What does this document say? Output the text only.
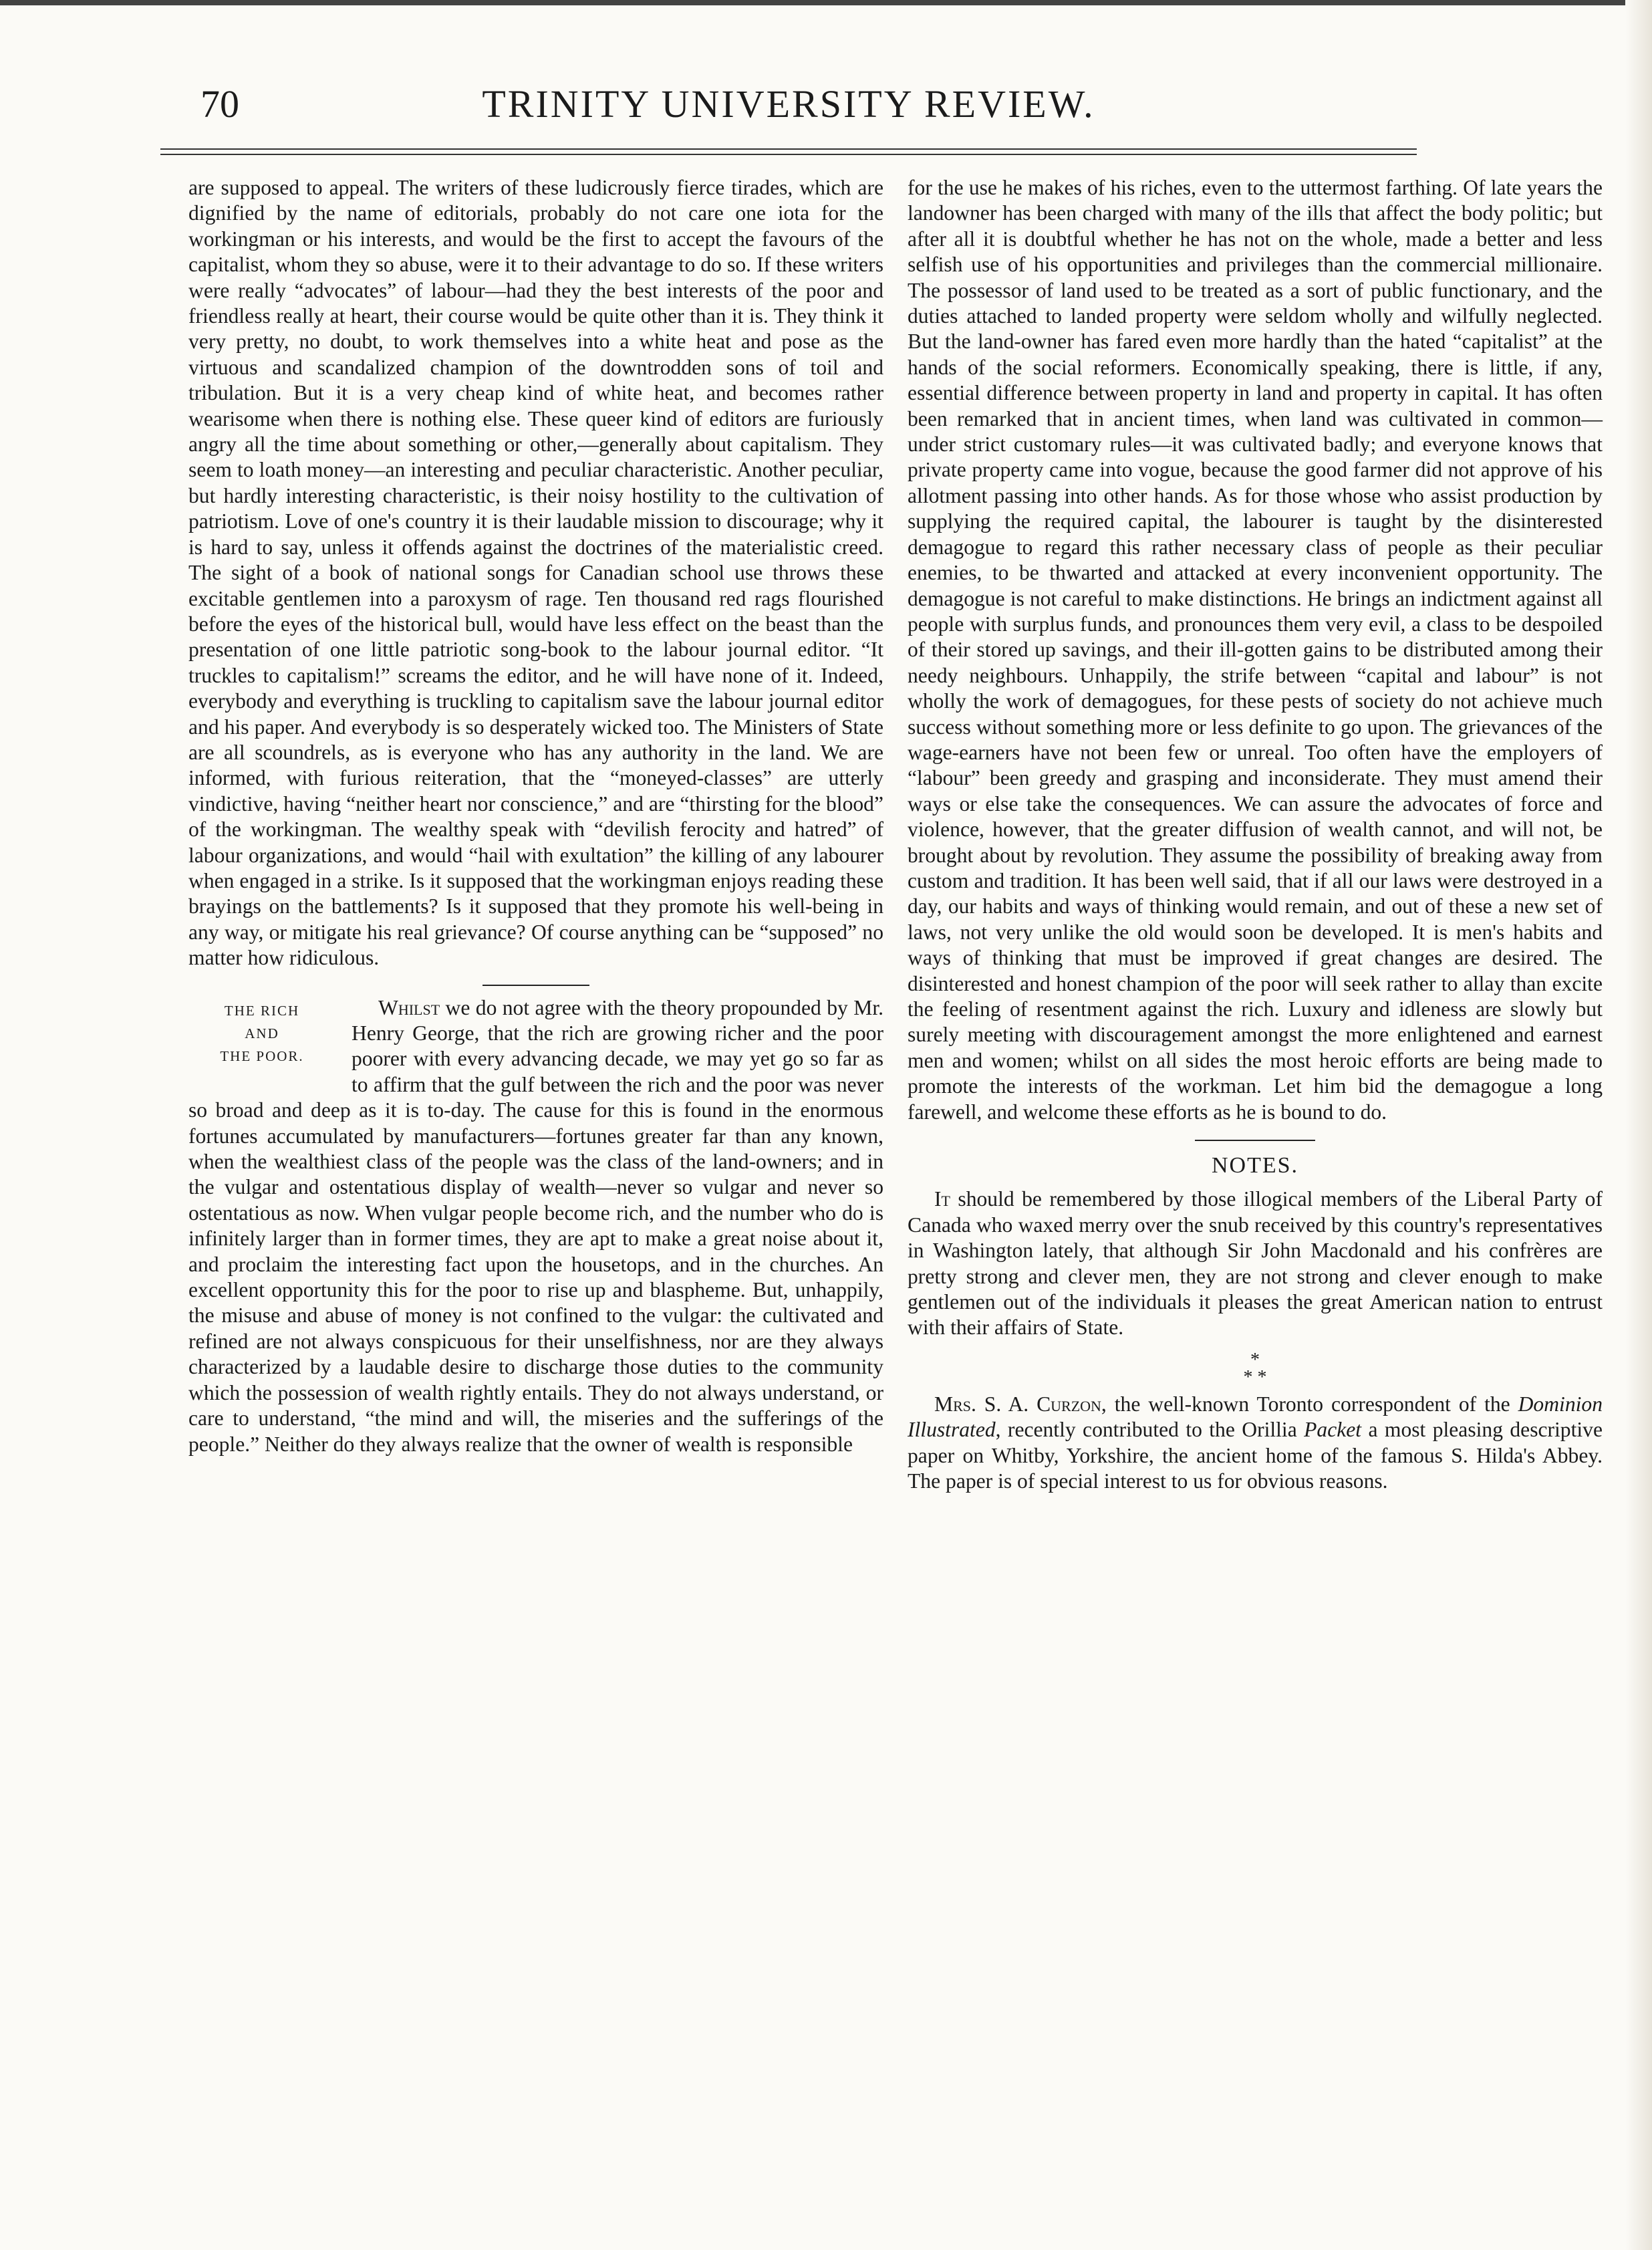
70	TRINITY UNIVERSITY REVIEW.

are supposed to appeal. The writers of these ludicrously fierce tirades, which are dignified by the name of editorials, probably do not care one iota for the workingman or his interests, and would be the first to accept the favours of the capitalist, whom they so abuse, were it to their advantage to do so. If these writers were really “advocates” of labour—had they the best interests of the poor and friendless really at heart, their course would be quite other than it is. They think it very pretty, no doubt, to work themselves into a white heat and pose as the virtuous and scandalized champion of the downtrodden sons of toil and tribulation. But it is a very cheap kind of white heat, and becomes rather wearisome when there is nothing else. These queer kind of editors are furiously angry all the time about something or other,—generally about capitalism. They seem to loath money—an interesting and peculiar characteristic. Another peculiar, but hardly interesting characteristic, is their noisy hostility to the cultivation of patriotism. Love of one's country it is their laudable mission to discourage; why it is hard to say, unless it offends against the doctrines of the materialistic creed. The sight of a book of national songs for Canadian school use throws these excitable gentlemen into a paroxysm of rage. Ten thousand red rags flourished before the eyes of the historical bull, would have less effect on the beast than the presentation of one little patriotic song-book to the labour journal editor. “It truckles to capitalism!” screams the editor, and he will have none of it. Indeed, everybody and everything is truckling to capitalism save the labour journal editor and his paper. And everybody is so desperately wicked too. The Ministers of State are all scoundrels, as is everyone who has any authority in the land. We are informed, with furious reiteration, that the “moneyed-classes” are utterly vindictive, having “neither heart nor conscience,” and are “thirsting for the blood” of the workingman. The wealthy speak with “devilish ferocity and hatred” of labour organizations, and would “hail with exultation” the killing of any labourer when engaged in a strike. Is it supposed that the workingman enjoys reading these brayings on the battlements? Is it supposed that they promote his well-being in any way, or mitigate his real grievance? Of course anything can be “supposed” no matter how ridiculous.

THE RICH
AND
THE POOR.

Whilst we do not agree with the theory propounded by Mr. Henry George, that the rich are growing richer and the poor poorer with every advancing decade, we may yet go so far as to affirm that the gulf between the rich and the poor was never so broad and deep as it is to-day. The cause for this is found in the enormous fortunes accumulated by manufacturers—fortunes greater far than any known, when the wealthiest class of the people was the class of the land-owners; and in the vulgar and ostentatious display of wealth—never so vulgar and never so ostentatious as now. When vulgar people become rich, and the number who do is infinitely larger than in former times, they are apt to make a great noise about it, and proclaim the interesting fact upon the housetops, and in the churches. An excellent opportunity this for the poor to rise up and blaspheme. But, unhappily, the misuse and abuse of money is not confined to the vulgar: the cultivated and refined are not always conspicuous for their unselfishness, nor are they always characterized by a laudable desire to discharge those duties to the community which the possession of wealth rightly entails. They do not always understand, or care to understand, “the mind and will, the miseries and the sufferings of the people.” Neither do they always realize that the owner of wealth is responsible

for the use he makes of his riches, even to the uttermost farthing. Of late years the landowner has been charged with many of the ills that affect the body politic; but after all it is doubtful whether he has not on the whole, made a better and less selfish use of his opportunities and privileges than the commercial millionaire. The possessor of land used to be treated as a sort of public functionary, and the duties attached to landed property were seldom wholly and wilfully neglected. But the land-owner has fared even more hardly than the hated “capitalist” at the hands of the social reformers. Economically speaking, there is little, if any, essential difference between property in land and property in capital. It has often been remarked that in ancient times, when land was cultivated in common—under strict customary rules—it was cultivated badly; and everyone knows that private property came into vogue, because the good farmer did not approve of his allotment passing into other hands. As for those whose who assist production by supplying the required capital, the labourer is taught by the disinterested demagogue to regard this rather necessary class of people as their peculiar enemies, to be thwarted and attacked at every inconvenient opportunity. The demagogue is not careful to make distinctions. He brings an indictment against all people with surplus funds, and pronounces them very evil, a class to be despoiled of their stored up savings, and their ill-gotten gains to be distributed among their needy neighbours. Unhappily, the strife between “capital and labour” is not wholly the work of demagogues, for these pests of society do not achieve much success without something more or less definite to go upon. The grievances of the wage-earners have not been few or unreal. Too often have the employers of “labour” been greedy and grasping and inconsiderate. They must amend their ways or else take the consequences. We can assure the advocates of force and violence, however, that the greater diffusion of wealth cannot, and will not, be brought about by revolution. They assume the possibility of breaking away from custom and tradition. It has been well said, that if all our laws were destroyed in a day, our habits and ways of thinking would remain, and out of these a new set of laws, not very unlike the old would soon be developed. It is men's habits and ways of thinking that must be improved if great changes are desired. The disinterested and honest champion of the poor will seek rather to allay than excite the feeling of resentment against the rich. Luxury and idleness are slowly but surely meeting with discouragement amongst the more enlightened and earnest men and women; whilst on all sides the most heroic efforts are being made to promote the interests of the workman. Let him bid the demagogue a long farewell, and welcome these efforts as he is bound to do.

NOTES.

It should be remembered by those illogical members of the Liberal Party of Canada who waxed merry over the snub received by this country's representatives in Washington lately, that although Sir John Macdonald and his confrères are pretty strong and clever men, they are not strong and clever enough to make gentlemen out of the individuals it pleases the great American nation to entrust with their affairs of State.

*
* *

Mrs. S. A. Curzon, the well-known Toronto correspondent of the Dominion Illustrated, recently contributed to the Orillia Packet a most pleasing descriptive paper on Whitby, Yorkshire, the ancient home of the famous S. Hilda's Abbey. The paper is of special interest to us for obvious reasons.
